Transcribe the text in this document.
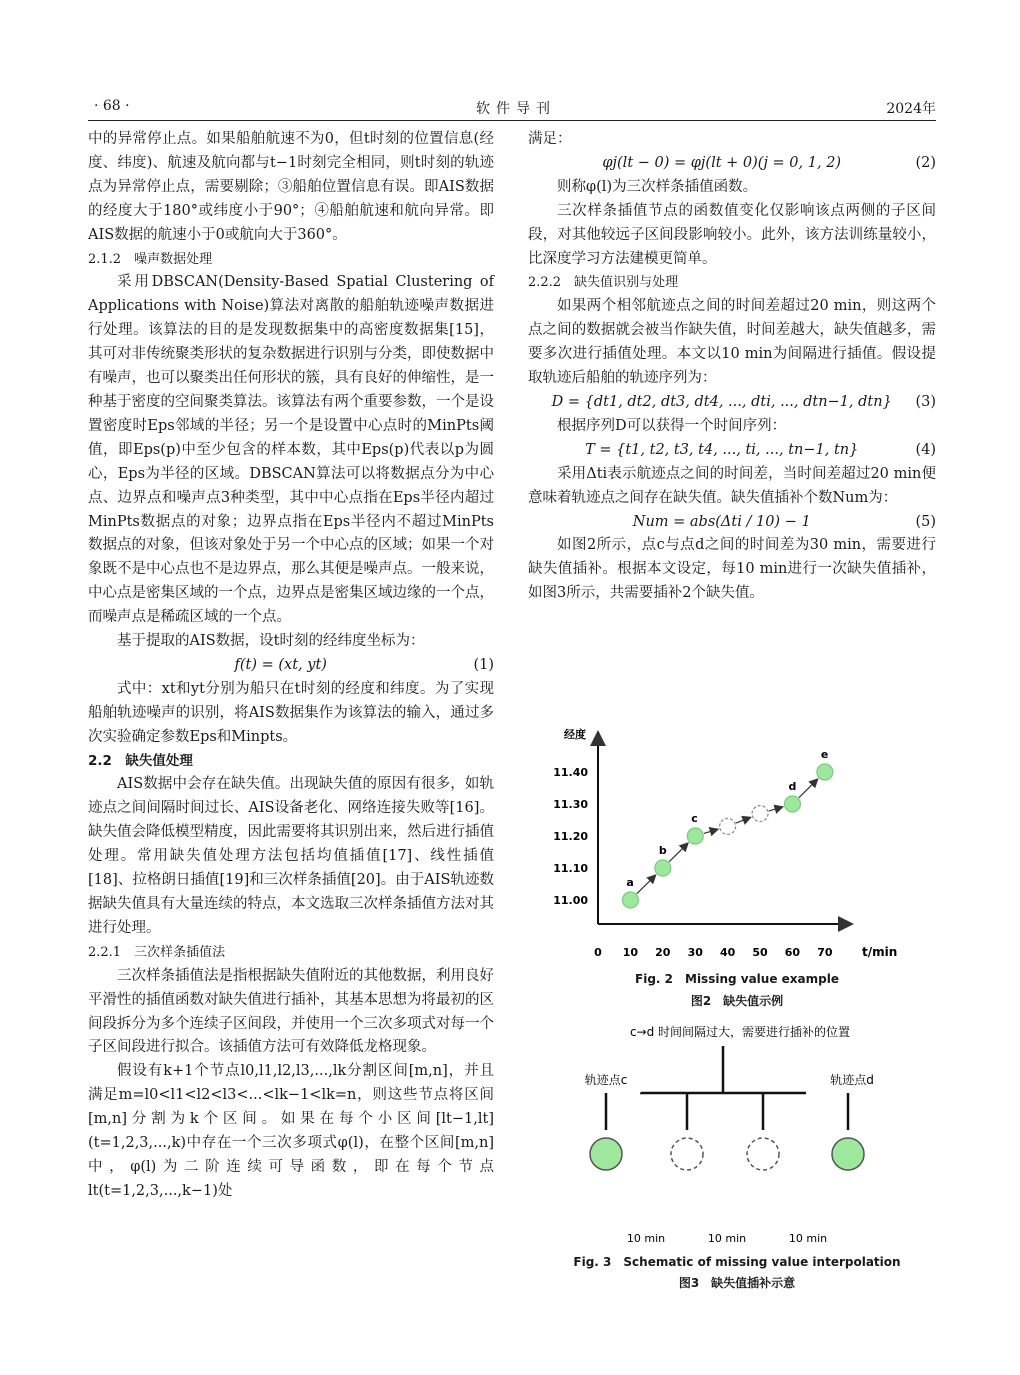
· 68 ·	软件导刊	2024年

中的异常停止点。如果船舶航速不为0，但t时刻的位置信息(经度、纬度)、航速及航向都与t−1时刻完全相同，则t时刻的轨迹点为异常停止点，需要剔除；③船舶位置信息有误。即AIS数据的经度大于180°或纬度小于90°；④船舶航速和航向异常。即AIS数据的航速小于0或航向大于360°。

2.1.2　噪声数据处理

采用DBSCAN(Density-Based Spatial Clustering of Applications with Noise)算法对离散的船舶轨迹噪声数据进行处理。该算法的目的是发现数据集中的高密度数据集[15]，其可对非传统聚类形状的复杂数据进行识别与分类，即使数据中有噪声，也可以聚类出任何形状的簇，具有良好的伸缩性，是一种基于密度的空间聚类算法。该算法有两个重要参数，一个是设置密度时Eps邻域的半径；另一个是设置中心点时的MinPts阈值，即Eps(p)中至少包含的样本数，其中Eps(p)代表以p为圆心，Eps为半径的区域。DBSCAN算法可以将数据点分为中心点、边界点和噪声点3种类型，其中中心点指在Eps半径内超过MinPts数据点的对象；边界点指在Eps半径内不超过MinPts数据点的对象，但该对象处于另一个中心点的区域；如果一个对象既不是中心点也不是边界点，那么其便是噪声点。一般来说，中心点是密集区域的一个点，边界点是密集区域边缘的一个点，而噪声点是稀疏区域的一个点。

基于提取的AIS数据，设t时刻的经纬度坐标为：

f(t) = (xt, yt)	(1)

式中：xt和yt分别为船只在t时刻的经度和纬度。为了实现船舶轨迹噪声的识别，将AIS数据集作为该算法的输入，通过多次实验确定参数Eps和Minpts。

2.2　缺失值处理

AIS数据中会存在缺失值。出现缺失值的原因有很多，如轨迹点之间间隔时间过长、AIS设备老化、网络连接失败等[16]。缺失值会降低模型精度，因此需要将其识别出来，然后进行插值处理。常用缺失值处理方法包括均值插值[17]、线性插值[18]、拉格朗日插值[19]和三次样条插值[20]。由于AIS轨迹数据缺失值具有大量连续的特点，本文选取三次样条插值方法对其进行处理。

2.2.1　三次样条插值法

三次样条插值法是指根据缺失值附近的其他数据，利用良好平滑性的插值函数对缺失值进行插补，其基本思想为将最初的区间段拆分为多个连续子区间段，并使用一个三次多项式对每一个子区间段进行拟合。该插值方法可有效降低龙格现象。

假设有k+1个节点l0,l1,l2,l3,...,lk分割区间[m,n]，并且满足m=l0<l1<l2<l3<...<lk−1<lk=n，则这些节点将区间[m,n]分割为k个区间。如果在每个小区间[lt−1,lt](t=1,2,3,...,k)中存在一个三次多项式φ(l)，在整个区间[m,n]中，φ(l)为二阶连续可导函数，即在每个节点lt(t=1,2,3,...,k−1)处

满足：

φj(lt − 0) = φj(lt + 0)(j = 0, 1, 2)	(2)

则称φ(l)为三次样条插值函数。

三次样条插值节点的函数值变化仅影响该点两侧的子区间段，对其他较远子区间段影响较小。此外，该方法训练量较小，比深度学习方法建模更简单。

2.2.2　缺失值识别与处理

如果两个相邻航迹点之间的时间差超过20 min，则这两个点之间的数据就会被当作缺失值，时间差越大，缺失值越多，需要多次进行插值处理。本文以10 min为间隔进行插值。假设提取轨迹后船舶的轨迹序列为：

D = {dt1, dt2, dt3, dt4, ..., dti, ..., dtn−1, dtn}	(3)

根据序列D可以获得一个时间序列：

T = {t1, t2, t3, t4, ..., ti, ..., tn−1, tn}	(4)

采用Δti表示航迹点之间的时间差，当时间差超过20 min便意味着轨迹点之间存在缺失值。缺失值插补个数Num为：

Num = abs(Δti / 10) − 1	(5)

如图2所示，点c与点d之间的时间差为30 min，需要进行缺失值插补。根据本文设定，每10 min进行一次缺失值插补，如图3所示，共需要插补2个缺失值。

经度
t/min
0 10 20 30 40 50 60 70
11.00
11.10
11.20
11.30
11.40
a
b
c
d
e
Fig. 2　Missing value example
图2　缺失值示例
c→d 时间间隔过大，需要进行插补的位置
轨迹点c	轨迹点d
10 min	10 min	10 min
Fig. 3　Schematic of missing value interpolation
图3　缺失值插补示意
